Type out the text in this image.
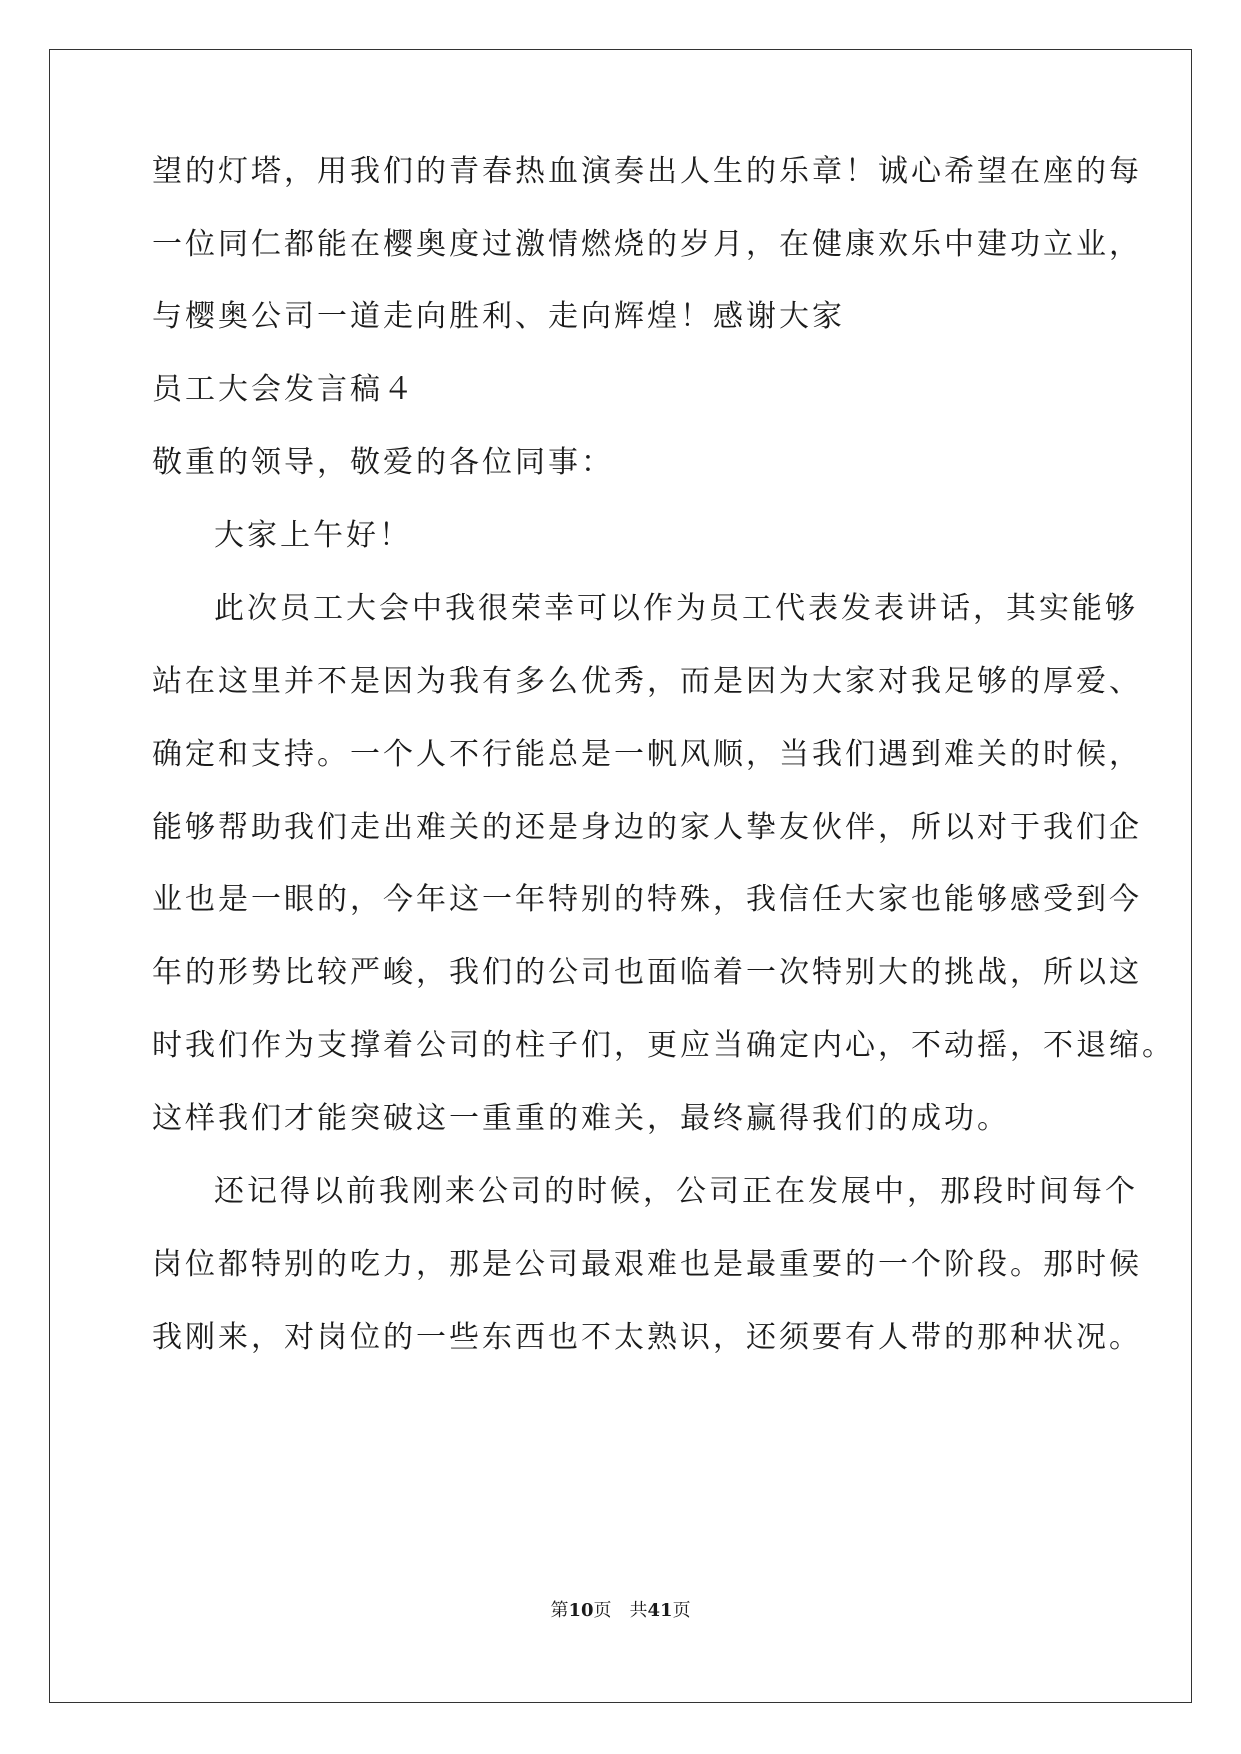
望的灯塔，用我们的青春热血演奏出人生的乐章！诚心希望在座的每
一位同仁都能在樱奥度过激情燃烧的岁月，在健康欢乐中建功立业，
与樱奥公司一道走向胜利、走向辉煌！感谢大家
员工大会发言稿４
敬重的领导，敬爱的各位同事：
大家上午好！
此次员工大会中我很荣幸可以作为员工代表发表讲话，其实能够
站在这里并不是因为我有多么优秀，而是因为大家对我足够的厚爱、
确定和支持。一个人不行能总是一帆风顺，当我们遇到难关的时候，
能够帮助我们走出难关的还是身边的家人挚友伙伴，所以对于我们企
业也是一眼的，今年这一年特别的特殊，我信任大家也能够感受到今
年的形势比较严峻，我们的公司也面临着一次特别大的挑战，所以这
时我们作为支撑着公司的柱子们，更应当确定内心，不动摇，不退缩。
这样我们才能突破这一重重的难关，最终赢得我们的成功。
还记得以前我刚来公司的时候，公司正在发展中，那段时间每个
岗位都特别的吃力，那是公司最艰难也是最重要的一个阶段。那时候
我刚来，对岗位的一些东西也不太熟识，还须要有人带的那种状况。
第10页　共41页
